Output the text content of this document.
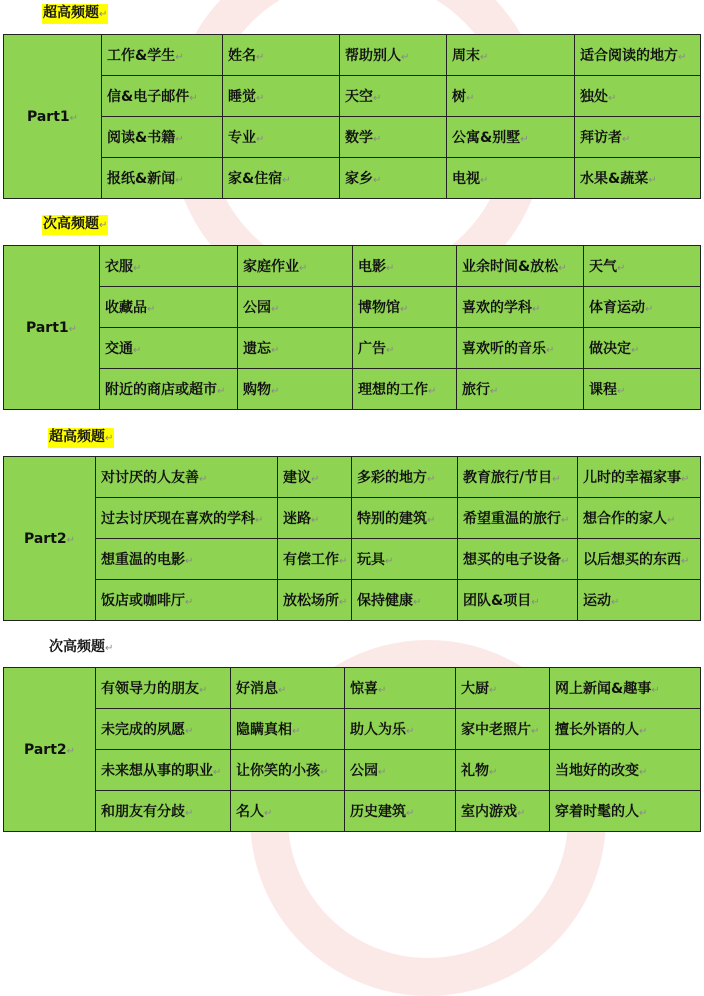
超高频题↵
Part1↵	工作&学生↵	姓名↵	帮助别人↵	周末↵	适合阅读的地方↵
	信&电子邮件↵	睡觉↵	天空↵	树↵	独处↵
	阅读&书籍↵	专业↵	数学↵	公寓&别墅↵	拜访者↵
	报纸&新闻↵	家&住宿↵	家乡↵	电视↵	水果&蔬菜↵
次高频题↵
Part1↵	衣服↵	家庭作业↵	电影↵	业余时间&放松↵	天气↵
	收藏品↵	公园↵	博物馆↵	喜欢的学科↵	体育运动↵
	交通↵	遗忘↵	广告↵	喜欢听的音乐↵	做决定↵
	附近的商店或超市↵	购物↵	理想的工作↵	旅行↵	课程↵
超高频题↵
Part2↵	对讨厌的人友善↵	建议↵	多彩的地方↵	教育旅行/节目↵	儿时的幸福家事↵
	过去讨厌现在喜欢的学科↵	迷路↵	特别的建筑↵	希望重温的旅行↵	想合作的家人↵
	想重温的电影↵	有偿工作↵	玩具↵	想买的电子设备↵	以后想买的东西↵
	饭店或咖啡厅↵	放松场所↵	保持健康↵	团队&项目↵	运动↵
次高频题↵
Part2↵	有领导力的朋友↵	好消息↵	惊喜↵	大厨↵	网上新闻&趣事↵
	未完成的夙愿↵	隐瞒真相↵	助人为乐↵	家中老照片↵	擅长外语的人↵
	未来想从事的职业↵	让你笑的小孩↵	公园↵	礼物↵	当地好的改变↵
	和朋友有分歧↵	名人↵	历史建筑↵	室内游戏↵	穿着时髦的人↵
